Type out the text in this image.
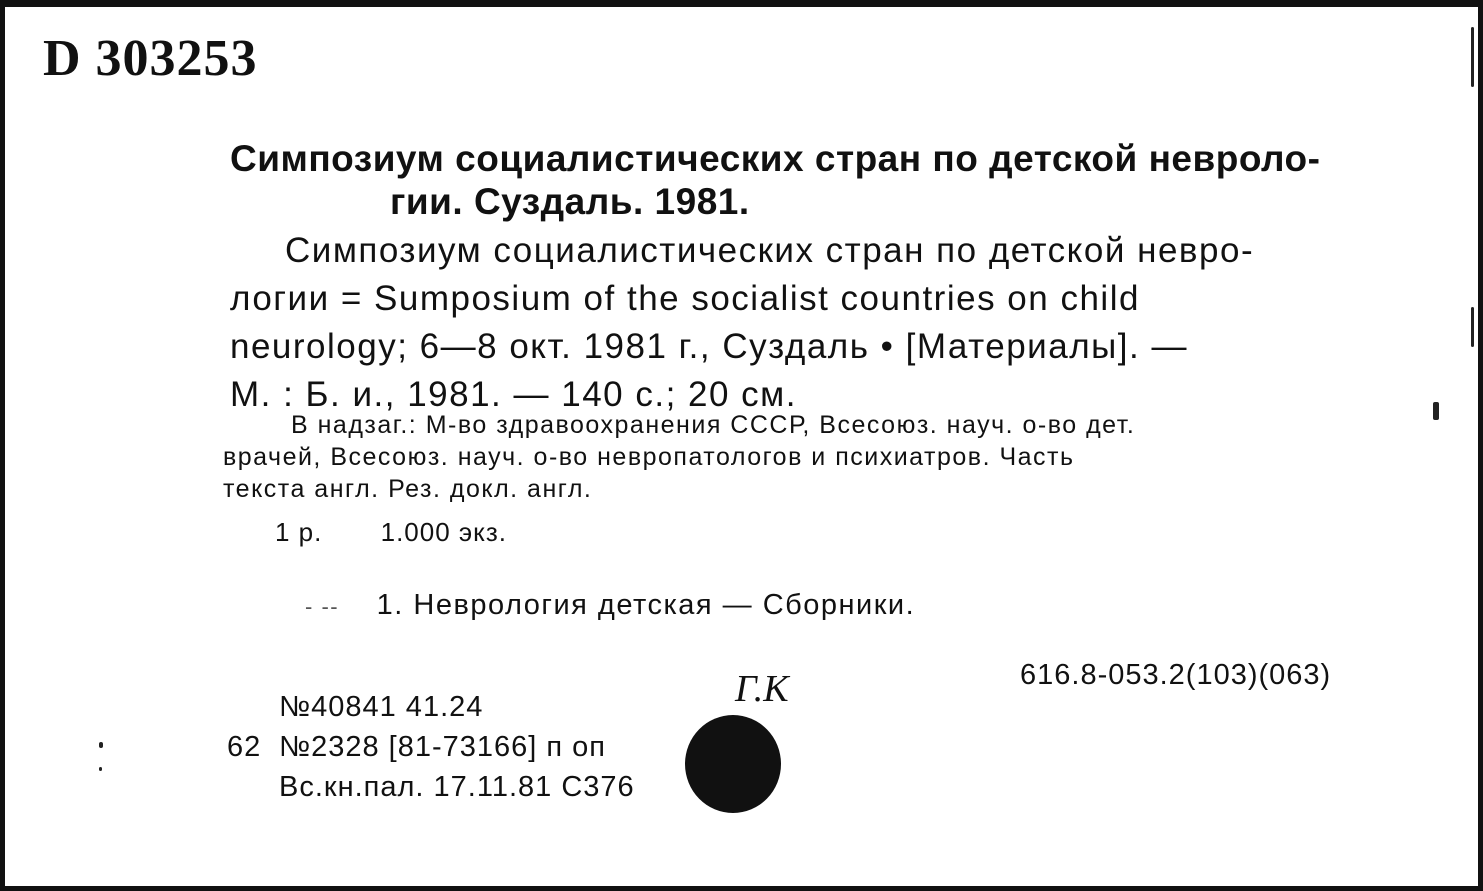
D 303253
Симпозиум социалистических стран по детской невроло-
гии. Суздаль. 1981.
Симпозиум социалистических стран по детской невро-
логии = Sumposium of the socialist countries on child
neurology; 6—8 окт. 1981 г., Суздаль • [Материалы]. —
М. : Б. и., 1981. — 140 с.; 20 см.
В надзаг.: М-во здравоохранения СССР, Всесоюз. науч. о-во дет.
врачей, Всесоюз. науч. о-во невропатологов и психиатров. Часть
текста англ. Рез. докл. англ.
1 р. 1.000 экз.
- -- 1. Неврология детская — Сборники.
616.8-053.2(103)(063)
Г.К
№40841 41.24
62 №2328 [81-73166] п оп
Вс.кн.пал. 17.11.81 С376
